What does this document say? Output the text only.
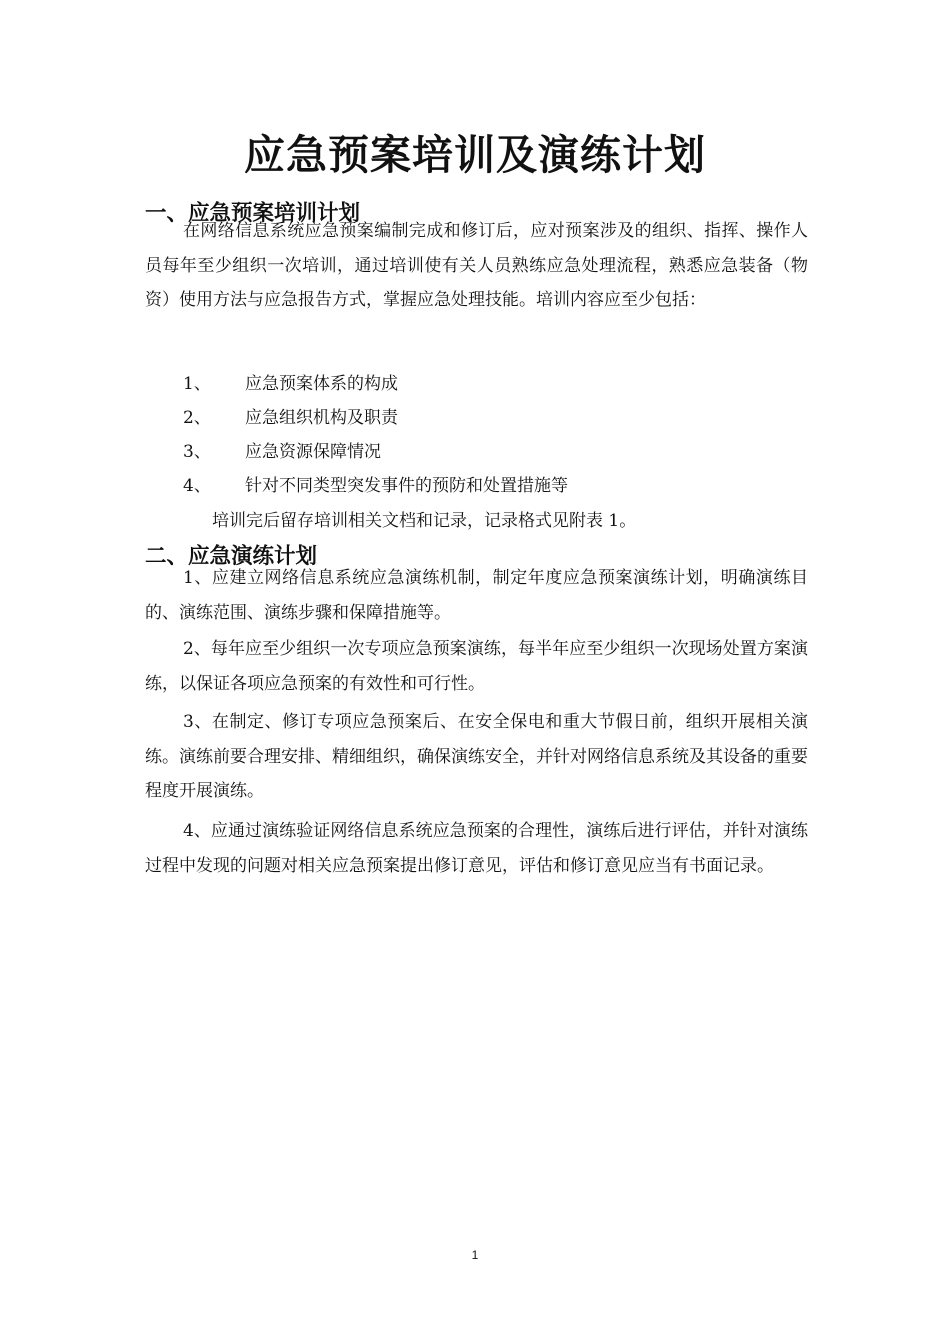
应急预案培训及演练计划
一、应急预案培训计划
在网络信息系统应急预案编制完成和修订后，应对预案涉及的组织、指挥、操作人员每年至少组织一次培训，通过培训使有关人员熟练应急处理流程，熟悉应急装备（物资）使用方法与应急报告方式，掌握应急处理技能。培训内容应至少包括：
1、 应急预案体系的构成
2、 应急组织机构及职责
3、 应急资源保障情况
4、 针对不同类型突发事件的预防和处置措施等
培训完后留存培训相关文档和记录，记录格式见附表 1。
二、应急演练计划
1、应建立网络信息系统应急演练机制，制定年度应急预案演练计划，明确演练目的、演练范围、演练步骤和保障措施等。
2、每年应至少组织一次专项应急预案演练，每半年应至少组织一次现场处置方案演练，以保证各项应急预案的有效性和可行性。
3、在制定、修订专项应急预案后、在安全保电和重大节假日前，组织开展相关演练。演练前要合理安排、精细组织，确保演练安全，并针对网络信息系统及其设备的重要程度开展演练。
4、应通过演练验证网络信息系统应急预案的合理性，演练后进行评估，并针对演练过程中发现的问题对相关应急预案提出修订意见，评估和修订意见应当有书面记录。
1
